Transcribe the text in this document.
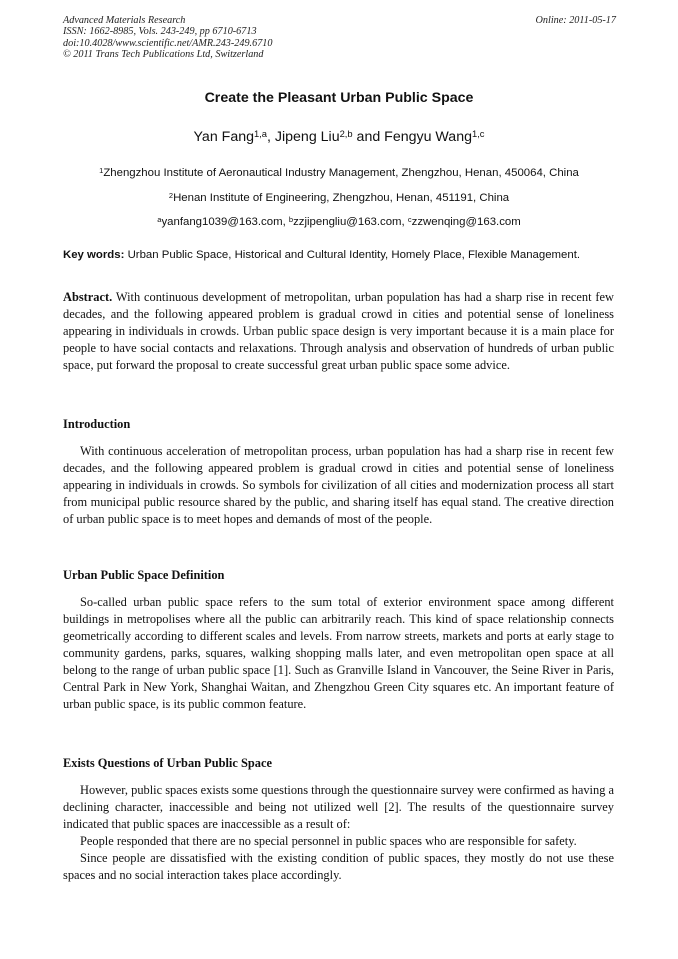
Advanced Materials Research
ISSN: 1662-8985, Vols. 243-249, pp 6710-6713
doi:10.4028/www.scientific.net/AMR.243-249.6710
© 2011 Trans Tech Publications Ltd, Switzerland
Online: 2011-05-17
Create the Pleasant Urban Public Space
Yan Fang$^{1,a}$, Jipeng Liu$^{2,b}$ and Fengyu Wang$^{1,c}$
$^1$Zhengzhou Institute of Aeronautical Industry Management, Zhengzhou, Henan, 450064, China
$^2$Henan Institute of Engineering, Zhengzhou, Henan, 451191, China
$^a$yanfang1039@163.com, $^b$zzjipengliu@163.com, $^c$zzwenqing@163.com
Key words: Urban Public Space, Historical and Cultural Identity, Homely Place, Flexible Management.
Abstract. With continuous development of metropolitan, urban population has had a sharp rise in recent few decades, and the following appeared problem is gradual crowd in cities and potential sense of loneliness appearing in individuals in crowds. Urban public space design is very important because it is a main place for people to have social contacts and relaxations. Through analysis and observation of hundreds of urban public space, put forward the proposal to create successful great urban public space some advice.
Introduction

With continuous acceleration of metropolitan process, urban population has had a sharp rise in recent few decades, and the following appeared problem is gradual crowd in cities and potential sense of loneliness appearing in individuals in crowds. So symbols for civilization of all cities and modernization process all start from municipal public resource shared by the public, and sharing itself has equal stand. The creative direction of urban public space is to meet hopes and demands of most of the people.

Urban Public Space Definition

So-called urban public space refers to the sum total of exterior environment space among different buildings in metropolises where all the public can arbitrarily reach. This kind of space relationship connects geometrically according to different scales and levels. From narrow streets, markets and ports at early stage to community gardens, parks, squares, walking shopping malls later, and even metropolitan open space at all belong to the range of urban public space [1]. Such as Granville Island in Vancouver, the Seine River in Paris, Central Park in New York, Shanghai Waitan, and Zhengzhou Green City squares etc. An important feature of urban public space, is its public common feature.

Exists Questions of Urban Public Space

However, public spaces exists some questions through the questionnaire survey were confirmed as having a declining character, inaccessible and being not utilized well [2]. The results of the questionnaire survey indicated that public spaces are inaccessible as a result of:

People responded that there are no special personnel in public spaces who are responsible for safety.

Since people are dissatisfied with the existing condition of public spaces, they mostly do not use these spaces and no social interaction takes place accordingly.
